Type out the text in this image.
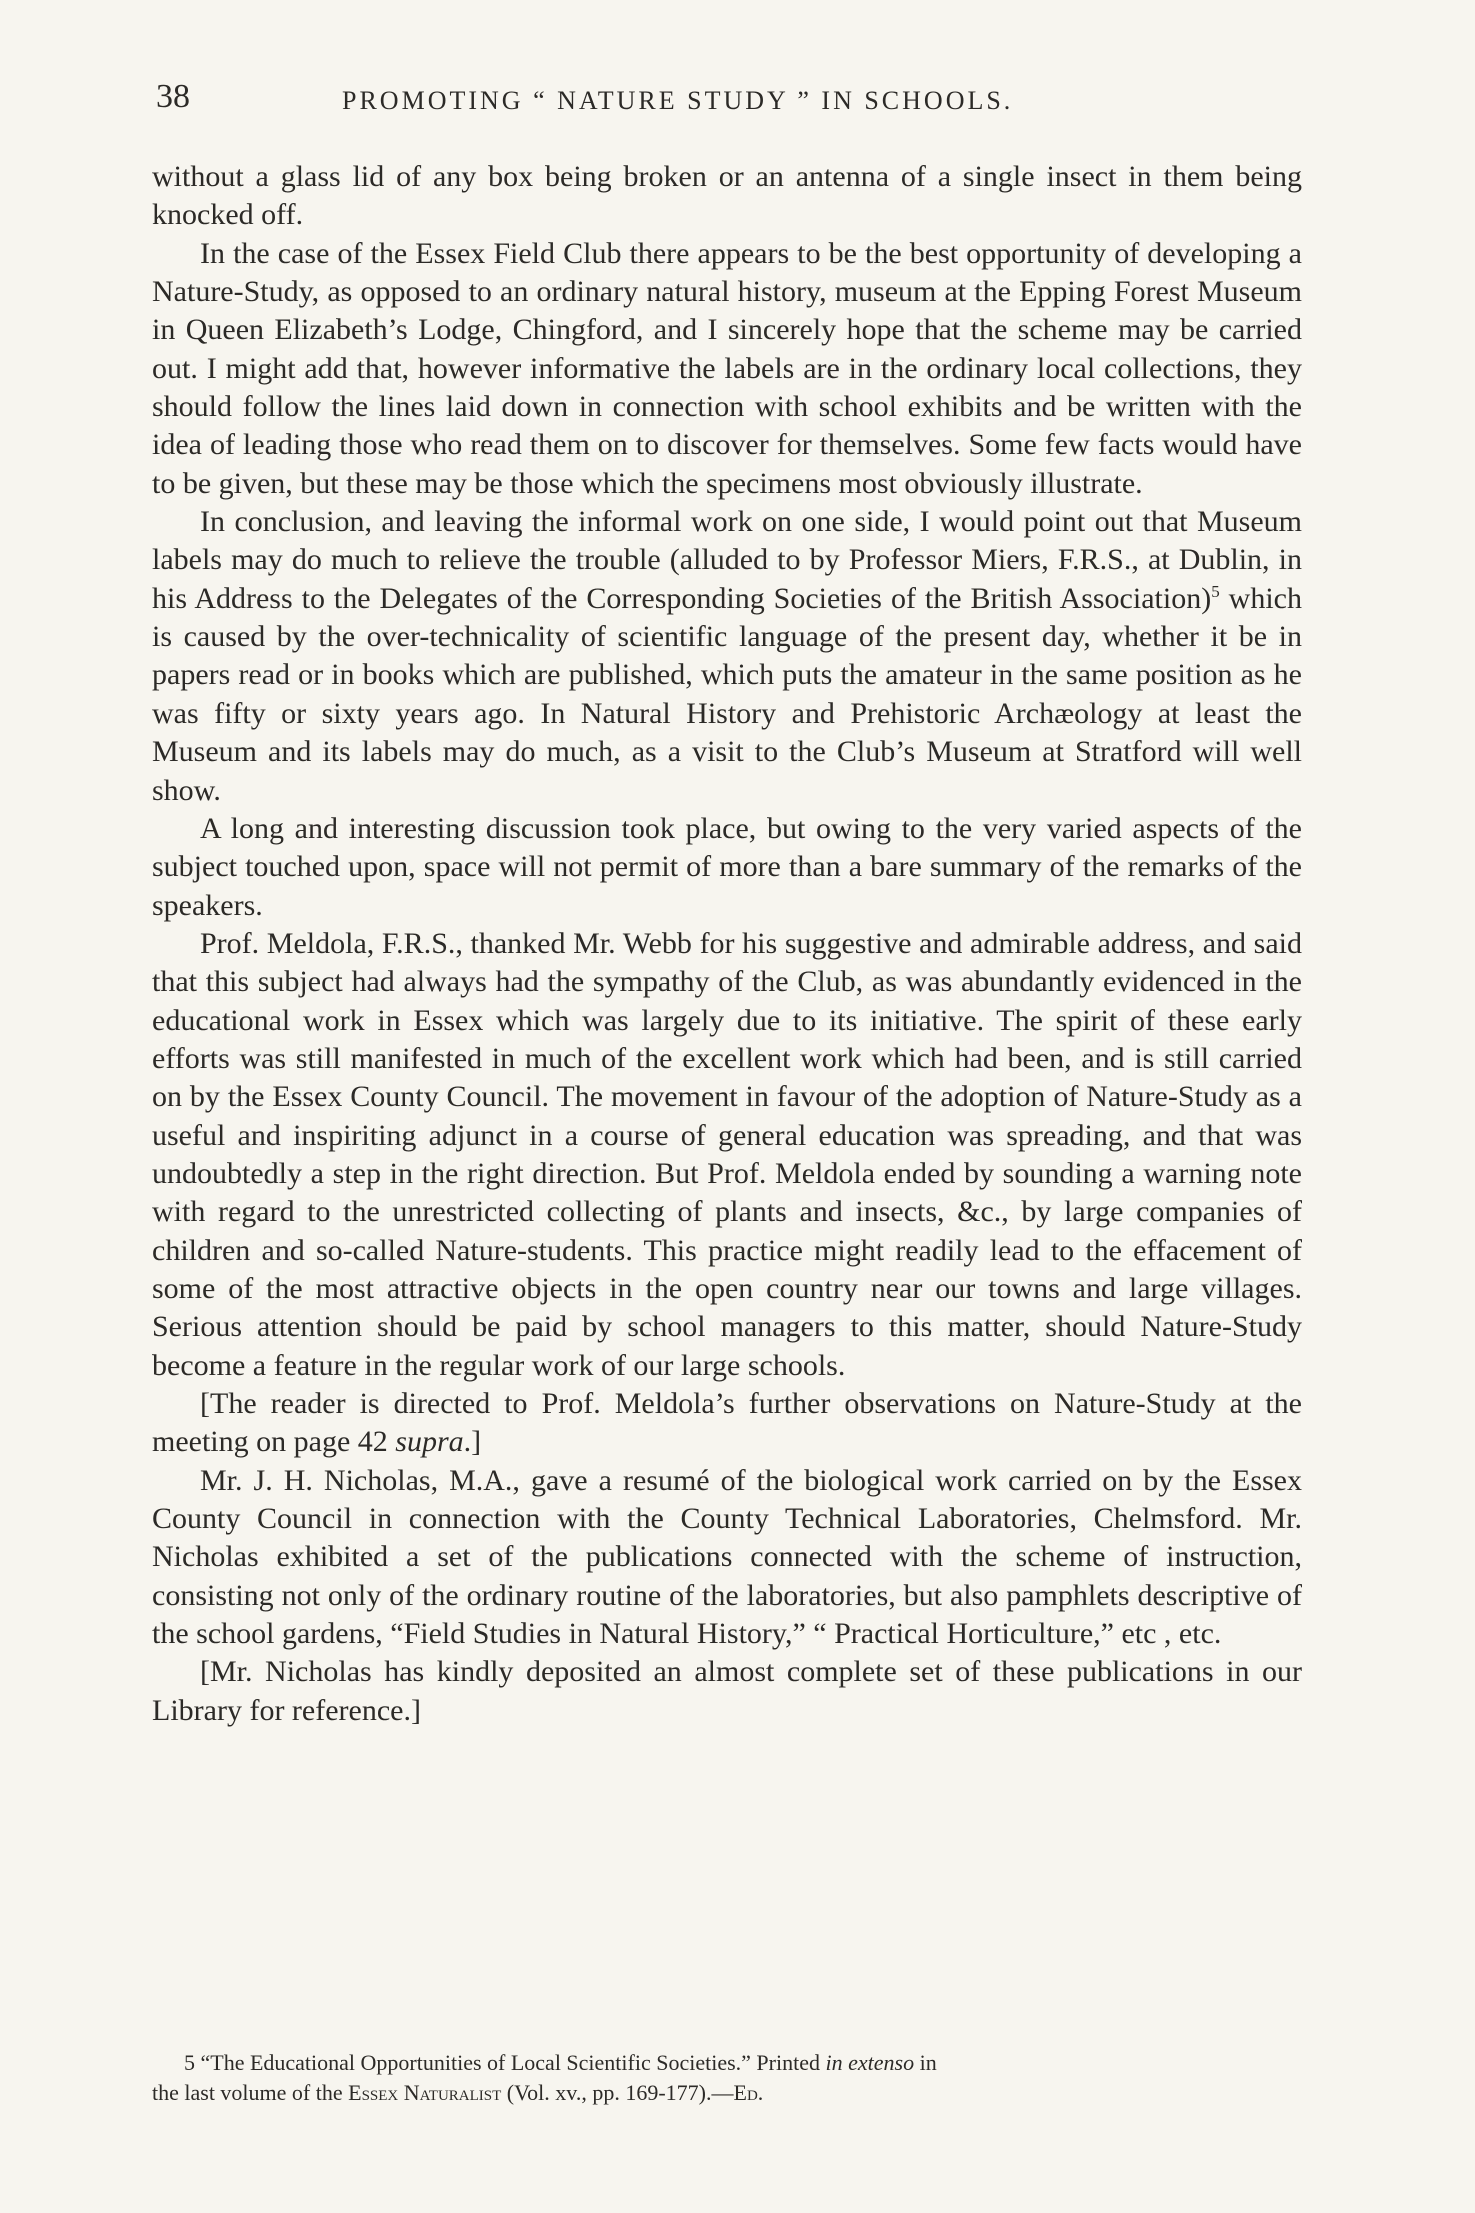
38	PROMOTING “ NATURE STUDY ” IN SCHOOLS.

without a glass lid of any box being broken or an antenna of a single insect in them being knocked off.

In the case of the Essex Field Club there appears to be the best opportunity of developing a Nature-Study, as opposed to an ordinary natural history, museum at the Epping Forest Museum in Queen Elizabeth’s Lodge, Chingford, and I sincerely hope that the scheme may be carried out. I might add that, however informative the labels are in the ordinary local collections, they should follow the lines laid down in connection with school exhibits and be written with the idea of leading those who read them on to discover for themselves. Some few facts would have to be given, but these may be those which the specimens most obviously illustrate.

In conclusion, and leaving the informal work on one side, I would point out that Museum labels may do much to relieve the trouble (alluded to by Professor Miers, F.R.S., at Dublin, in his Address to the Delegates of the Corresponding Societies of the British Association)$^5$ which is caused by the over-technicality of scientific language of the present day, whether it be in papers read or in books which are published, which puts the amateur in the same position as he was fifty or sixty years ago. In Natural History and Prehistoric Archæology at least the Museum and its labels may do much, as a visit to the Club’s Museum at Stratford will well show.

A long and interesting discussion took place, but owing to the very varied aspects of the subject touched upon, space will not permit of more than a bare summary of the remarks of the speakers.

Prof. Meldola, F.R.S., thanked Mr. Webb for his suggestive and admirable address, and said that this subject had always had the sympathy of the Club, as was abundantly evidenced in the educational work in Essex which was largely due to its initiative. The spirit of these early efforts was still manifested in much of the excellent work which had been, and is still carried on by the Essex County Council. The movement in favour of the adoption of Nature-Study as a useful and inspiriting adjunct in a course of general education was spreading, and that was undoubtedly a step in the right direction. But Prof. Meldola ended by sounding a warning note with regard to the unrestricted collecting of plants and insects, &c., by large companies of children and so-called Nature-students. This practice might readily lead to the effacement of some of the most attractive objects in the open country near our towns and large villages. Serious attention should be paid by school managers to this matter, should Nature-Study become a feature in the regular work of our large schools.

[The reader is directed to Prof. Meldola’s further observations on Nature-Study at the meeting on page 42 supra.]

Mr. J. H. Nicholas, M.A., gave a resumé of the biological work carried on by the Essex County Council in connection with the County Technical Laboratories, Chelmsford. Mr. Nicholas exhibited a set of the publications connected with the scheme of instruction, consisting not only of the ordinary routine of the laboratories, but also pamphlets descriptive of the school gardens, “Field Studies in Natural History,” “ Practical Horticulture,” etc , etc.

[Mr. Nicholas has kindly deposited an almost complete set of these publications in our Library for reference.]

5 “The Educational Opportunities of Local Scientific Societies.” Printed in extenso in
the last volume of the Essex Naturalist (Vol. xv., pp. 169-177).—Ed.
